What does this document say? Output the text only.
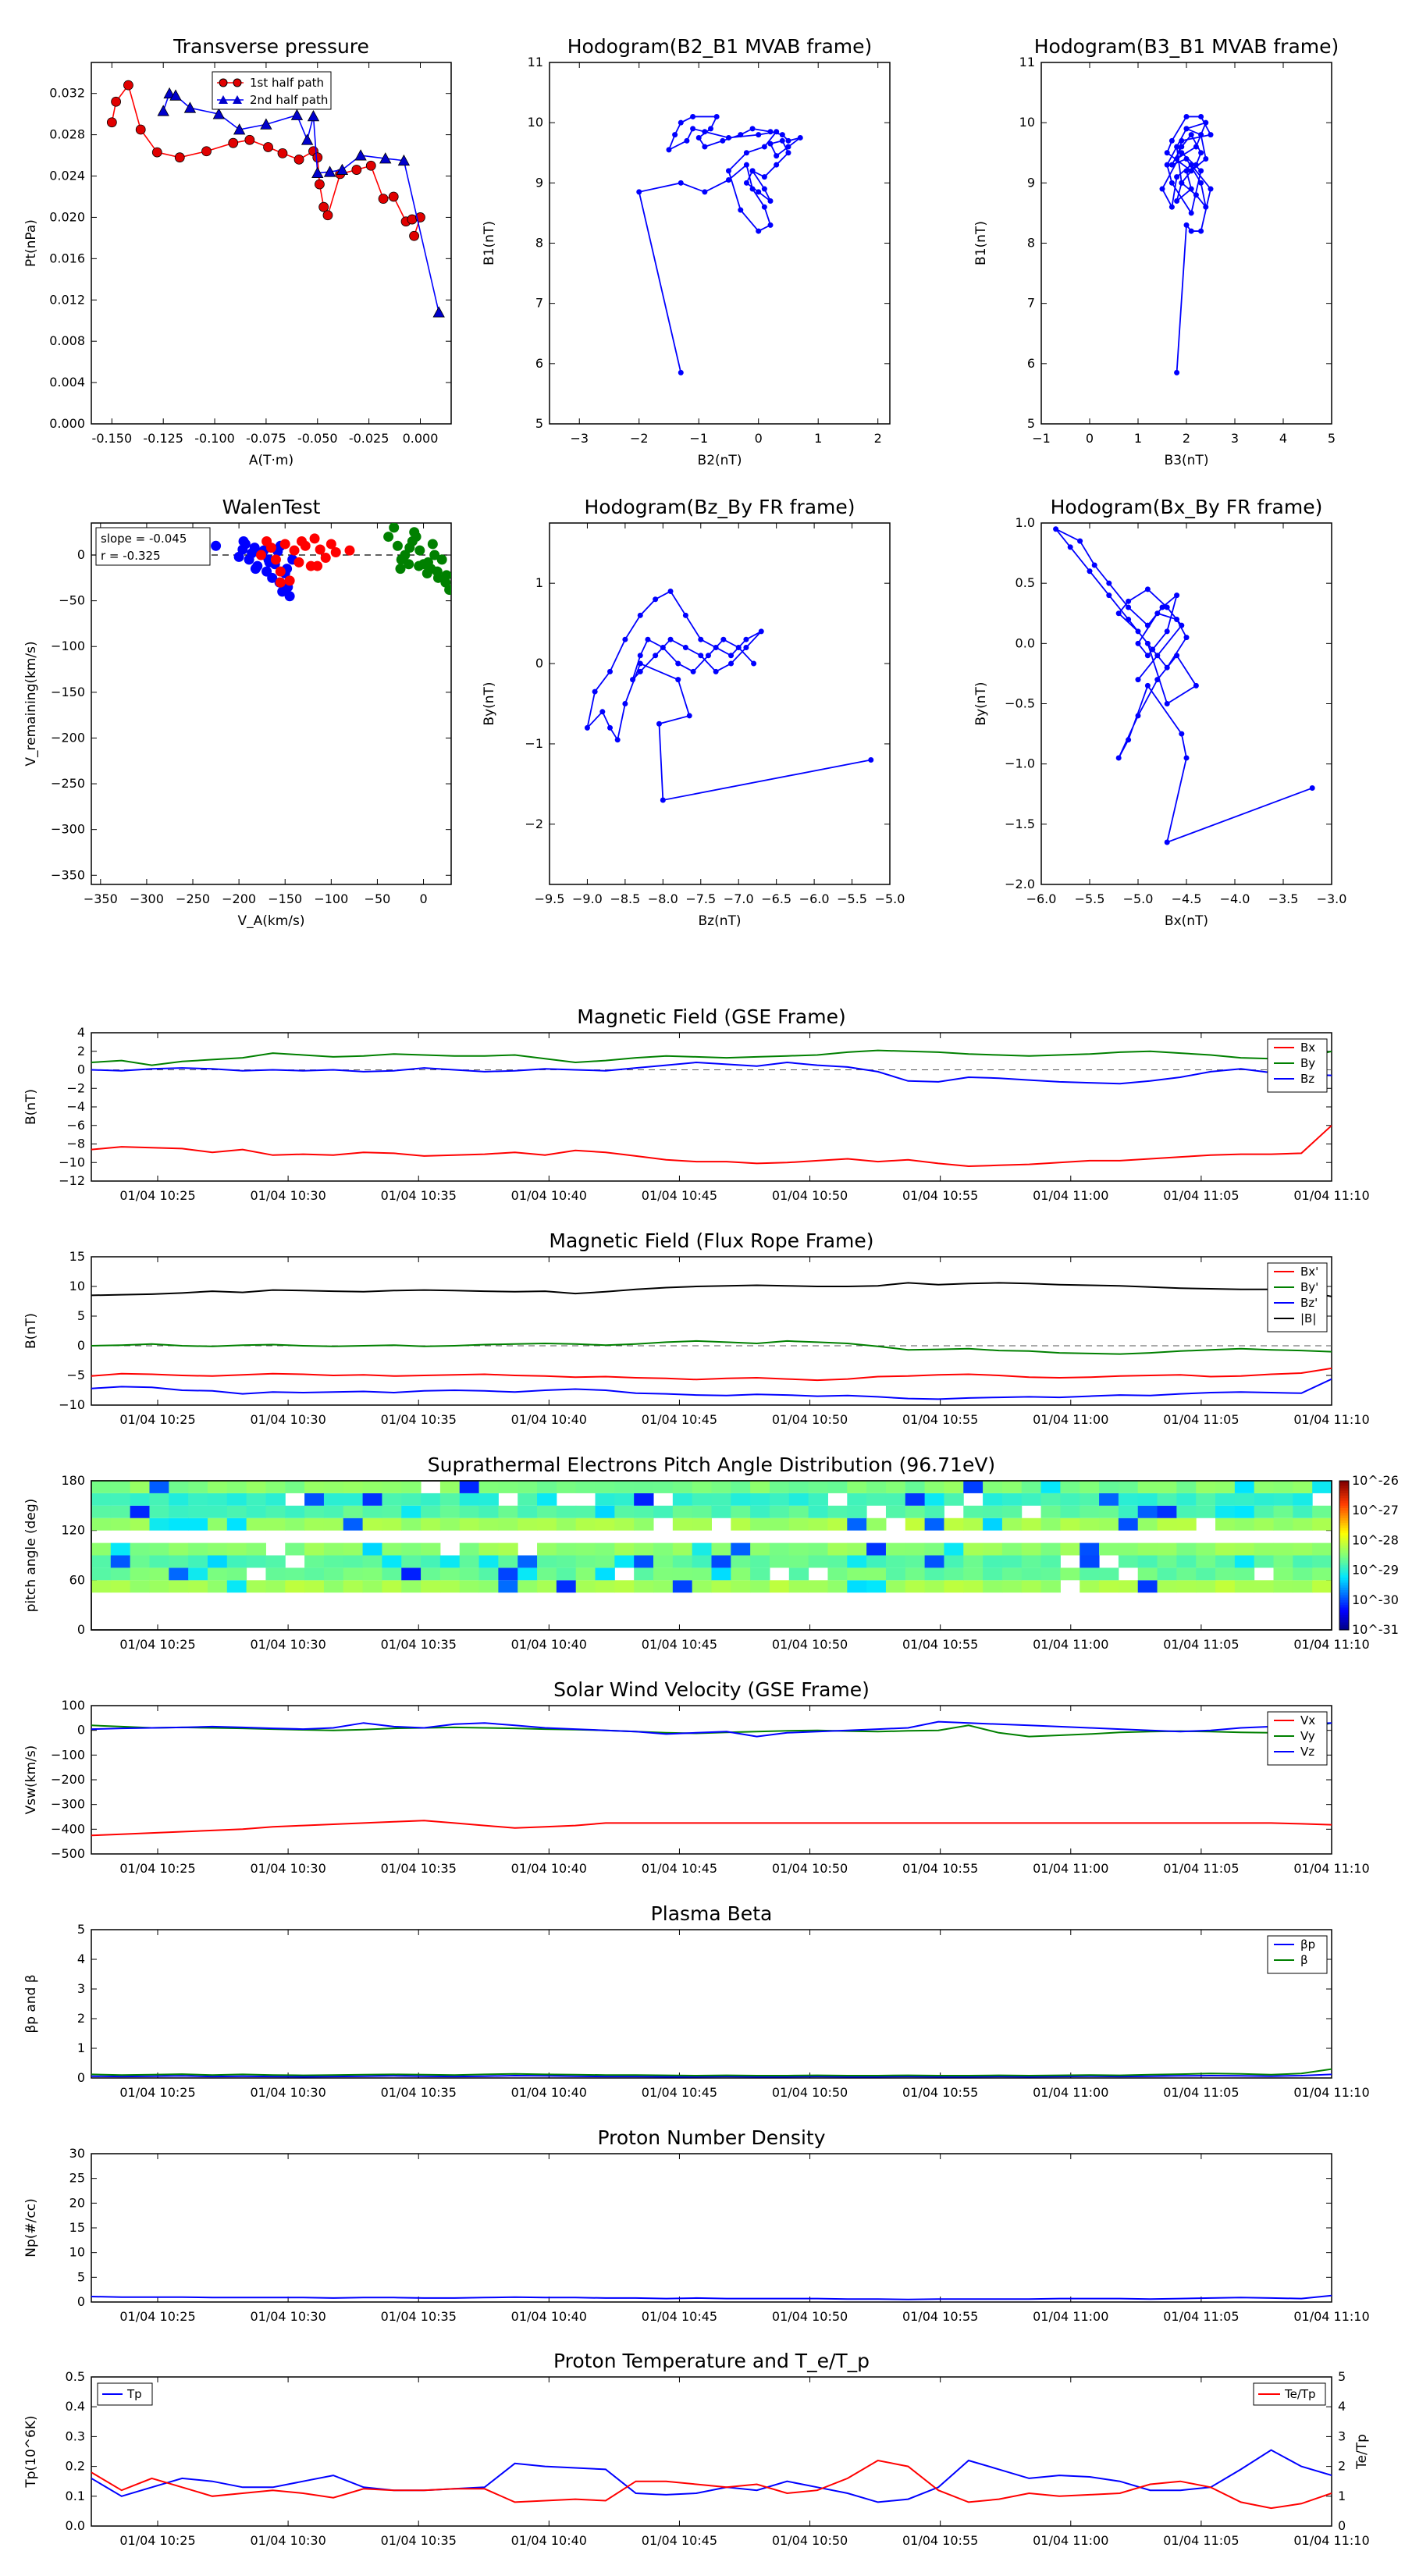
Transverse pressure
A(T·m)
Pt(nPa)
-0.150 -0.125 -0.100 -0.075 -0.050 -0.025 0.000
0.000
0.004
0.008
0.012
0.016
0.020
0.024
0.028
0.032
1st half path
2nd half path
Hodogram(B2_B1 MVAB frame)
B2(nT)
B1(nT)
−3	−2	−1	0	1	2
5
6
7
8
9
10
11
Hodogram(B3_B1 MVAB frame)
B3(nT)
B1(nT)
−1	0	1	2	3	4	5
5
6
7
8
9
10
11
Hodogram(Bz_By FR frame)
Bz(nT)
By(nT)
−9.5 −9.0 −8.5 −8.0 −7.5 −7.0 −6.5 −6.0 −5.5 −5.0
−2
−1
0
1
Hodogram(Bx_By FR frame)
Bx(nT)
By(nT)
−6.0 −5.5 −5.0 −4.5 −4.0 −3.5 −3.0
−2.0
−1.5
−1.0
−0.5
0.0
0.5
1.0
WalenTest
−350 −300 −250 −200 −150 −100 −50 0
0
−50
−100
−150
−200
−250
−300
−350
V_A(km/s)
V_remaining(km/s)
slope = -0.045
r = -0.325
Magnetic Field (GSE Frame)
B(nT)
01/04 10:25	01/04 10:30	01/04 10:35	01/04 10:40	01/04 10:45	01/04 10:50	01/04 10:55	01/04 11:00	01/04 11:05	01/04 11:10
4
2
0
−2
−4
−6
−8
−10
−12
Bx
By
Bz
Magnetic Field (Flux Rope Frame)
B(nT)
01/04 10:25	01/04 10:30	01/04 10:35	01/04 10:40	01/04 10:45	01/04 10:50	01/04 10:55	01/04 11:00	01/04 11:05	01/04 11:10
15
10
5
0
−5
−10
Bx'
By'
Bz'
|B|
Solar Wind Velocity (GSE Frame)
Vsw(km/s)
01/04 10:25	01/04 10:30	01/04 10:35	01/04 10:40	01/04 10:45	01/04 10:50	01/04 10:55	01/04 11:00	01/04 11:05	01/04 11:10
100
0
−100
−200
−300
−400
−500
Vx
Vy
Vz
Plasma Beta
βp and β
01/04 10:25	01/04 10:30	01/04 10:35	01/04 10:40	01/04 10:45	01/04 10:50	01/04 10:55	01/04 11:00	01/04 11:05	01/04 11:10
5
4
3
2
1
0
βp
β
Proton Number Density
Np(#/cc)
01/04 10:25	01/04 10:30	01/04 10:35	01/04 10:40	01/04 10:45	01/04 10:50	01/04 10:55	01/04 11:00	01/04 11:05	01/04 11:10
30
25
20
15
10
5
0
Proton Temperature and T_e/T_p
Tp(10^6K)
01/04 10:25	01/04 10:30	01/04 10:35	01/04 10:40	01/04 10:45	01/04 10:50	01/04 10:55	01/04 11:00	01/04 11:05	01/04 11:10
0.5
0.4
0.3
0.2
0.1
0.0
5
4
3
2
1
0
Te/Tp
Tp	Te/Tp
Suprathermal Electrons Pitch Angle Distribution (96.71eV)
pitch angle (deg)
01/04 10:25	01/04 10:30	01/04 10:35	01/04 10:40	01/04 10:45	01/04 10:50	01/04 10:55	01/04 11:00	01/04 11:05	01/04 11:10
180
120
60
0
10^-26
10^-27
10^-28
10^-29
10^-30
10^-31
